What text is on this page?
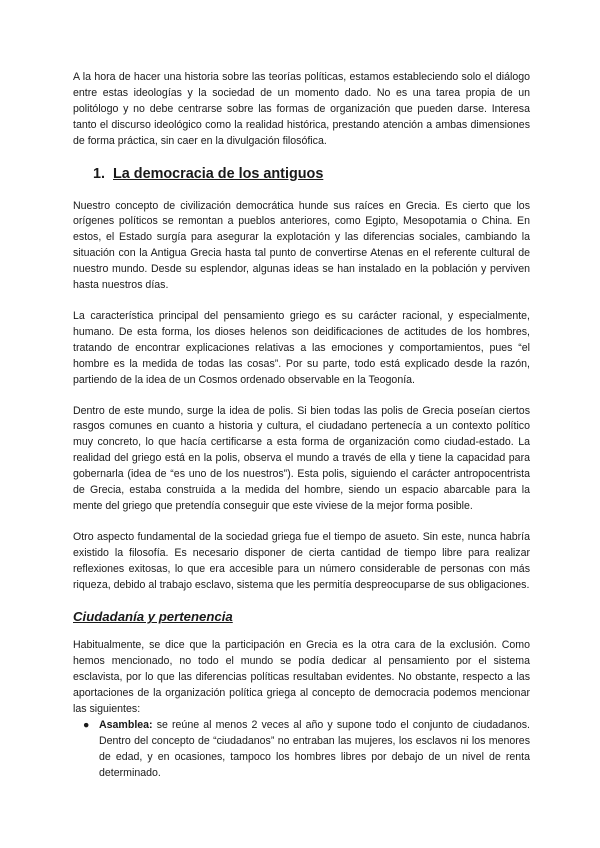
A la hora de hacer una historia sobre las teorías políticas, estamos estableciendo solo el diálogo entre estas ideologías y la sociedad de un momento dado. No es una tarea propia de un politólogo y no debe centrarse sobre las formas de organización que pueden darse. Interesa tanto el discurso ideológico como la realidad histórica, prestando atención a ambas dimensiones de forma práctica, sin caer en la divulgación filosófica.

1. La democracia de los antiguos

Nuestro concepto de civilización democrática hunde sus raíces en Grecia. Es cierto que los orígenes políticos se remontan a pueblos anteriores, como Egipto, Mesopotamia o China. En estos, el Estado surgía para asegurar la explotación y las diferencias sociales, cambiando la situación con la Antigua Grecia hasta tal punto de convertirse Atenas en el referente cultural de nuestro mundo. Desde su esplendor, algunas ideas se han instalado en la población y perviven hasta nuestros días.

La característica principal del pensamiento griego es su carácter racional, y especialmente, humano. De esta forma, los dioses helenos son deidificaciones de actitudes de los hombres, tratando de encontrar explicaciones relativas a las emociones y comportamientos, pues “el hombre es la medida de todas las cosas”. Por su parte, todo está explicado desde la razón, partiendo de la idea de un Cosmos ordenado observable en la Teogonía.

Dentro de este mundo, surge la idea de polis. Si bien todas las polis de Grecia poseían ciertos rasgos comunes en cuanto a historia y cultura, el ciudadano pertenecía a un contexto político muy concreto, lo que hacía certificarse a esta forma de organización como ciudad-estado. La realidad del griego está en la polis, observa el mundo a través de ella y tiene la capacidad para gobernarla (idea de “es uno de los nuestros”). Esta polis, siguiendo el carácter antropocentrista de Grecia, estaba construida a la medida del hombre, siendo un espacio abarcable para la mente del griego que pretendía conseguir que este viviese de la mejor forma posible.

Otro aspecto fundamental de la sociedad griega fue el tiempo de asueto. Sin este, nunca habría existido la filosofía. Es necesario disponer de cierta cantidad de tiempo libre para realizar reflexiones exitosas, lo que era accesible para un número considerable de personas con más riqueza, debido al trabajo esclavo, sistema que les permitía despreocuparse de sus obligaciones.

Ciudadanía y pertenencia

Habitualmente, se dice que la participación en Grecia es la otra cara de la exclusión. Como hemos mencionado, no todo el mundo se podía dedicar al pensamiento por el sistema esclavista, por lo que las diferencias políticas resultaban evidentes. No obstante, respecto a las aportaciones de la organización política griega al concepto de democracia podemos mencionar las siguientes:

● Asamblea: se reúne al menos 2 veces al año y supone todo el conjunto de ciudadanos. Dentro del concepto de “ciudadanos” no entraban las mujeres, los esclavos ni los menores de edad, y en ocasiones, tampoco los hombres libres por debajo de un nivel de renta determinado.
